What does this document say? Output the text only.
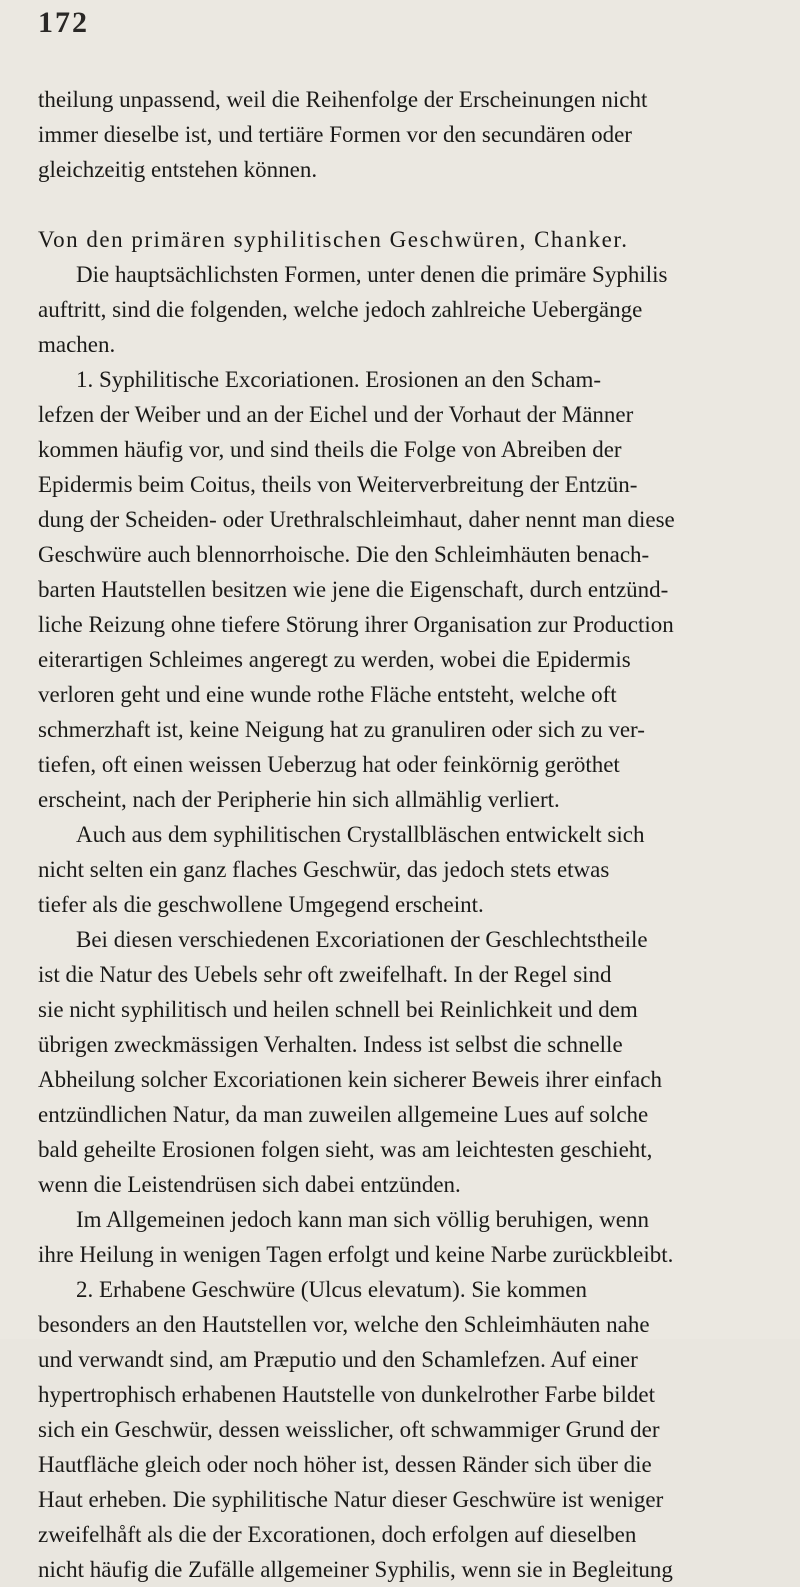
172
theilung unpassend, weil die Reihenfolge der Erscheinungen nicht
immer dieselbe ist, und tertiäre Formen vor den secundären oder
gleichzeitig entstehen können.
Von den primären syphilitischen Geschwüren, Chanker.
Die hauptsächlichsten Formen, unter denen die primäre Syphilis
auftritt, sind die folgenden, welche jedoch zahlreiche Uebergänge
machen.
1. Syphilitische Excoriationen. Erosionen an den Scham-
lefzen der Weiber und an der Eichel und der Vorhaut der Männer
kommen häufig vor, und sind theils die Folge von Abreiben der
Epidermis beim Coitus, theils von Weiterverbreitung der Entzün-
dung der Scheiden- oder Urethralschleimhaut, daher nennt man diese
Geschwüre auch blennorrhoische. Die den Schleimhäuten benach-
barten Hautstellen besitzen wie jene die Eigenschaft, durch entzünd-
liche Reizung ohne tiefere Störung ihrer Organisation zur Production
eiterartigen Schleimes angeregt zu werden, wobei die Epidermis
verloren geht und eine wunde rothe Fläche entsteht, welche oft
schmerzhaft ist, keine Neigung hat zu granuliren oder sich zu ver-
tiefen, oft einen weissen Ueberzug hat oder feinkörnig geröthet
erscheint, nach der Peripherie hin sich allmählig verliert.
Auch aus dem syphilitischen Crystallbläschen entwickelt sich
nicht selten ein ganz flaches Geschwür, das jedoch stets etwas
tiefer als die geschwollene Umgegend erscheint.
Bei diesen verschiedenen Excoriationen der Geschlechtstheile
ist die Natur des Uebels sehr oft zweifelhaft. In der Regel sind
sie nicht syphilitisch und heilen schnell bei Reinlichkeit und dem
übrigen zweckmässigen Verhalten. Indess ist selbst die schnelle
Abheilung solcher Excoriationen kein sicherer Beweis ihrer einfach
entzündlichen Natur, da man zuweilen allgemeine Lues auf solche
bald geheilte Erosionen folgen sieht, was am leichtesten geschieht,
wenn die Leistendrüsen sich dabei entzünden.
Im Allgemeinen jedoch kann man sich völlig beruhigen, wenn
ihre Heilung in wenigen Tagen erfolgt und keine Narbe zurückbleibt.
2. Erhabene Geschwüre (Ulcus elevatum). Sie kommen
besonders an den Hautstellen vor, welche den Schleimhäuten nahe
und verwandt sind, am Præputio und den Schamlefzen. Auf einer
hypertrophisch erhabenen Hautstelle von dunkelrother Farbe bildet
sich ein Geschwür, dessen weisslicher, oft schwammiger Grund der
Hautfläche gleich oder noch höher ist, dessen Ränder sich über die
Haut erheben. Die syphilitische Natur dieser Geschwüre ist weniger
zweifelhåft als die der Excorationen, doch erfolgen auf dieselben
nicht häufig die Zufälle allgemeiner Syphilis, wenn sie in Begleitung
